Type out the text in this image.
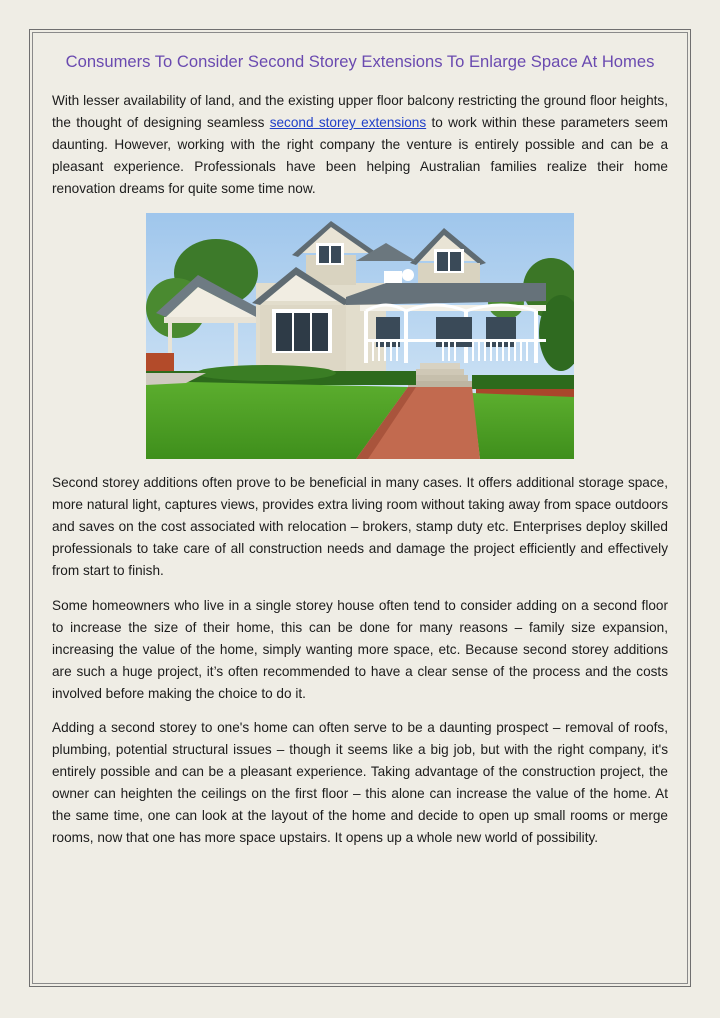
Consumers To Consider Second Storey Extensions To Enlarge Space At Homes

With lesser availability of land, and the existing upper floor balcony restricting the ground floor heights, the thought of designing seamless second storey extensions to work within these parameters seem daunting. However, working with the right company the venture is entirely possible and can be a pleasant experience. Professionals have been helping Australian families realize their home renovation dreams for quite some time now.

Second storey additions often prove to be beneficial in many cases. It offers additional storage space, more natural light, captures views, provides extra living room without taking away from space outdoors and saves on the cost associated with relocation – brokers, stamp duty etc. Enterprises deploy skilled professionals to take care of all construction needs and damage the project efficiently and effectively from start to finish.

Some homeowners who live in a single storey house often tend to consider adding on a second floor to increase the size of their home, this can be done for many reasons – family size expansion, increasing the value of the home, simply wanting more space, etc. Because second storey additions are such a huge project, it’s often recommended to have a clear sense of the process and the costs involved before making the choice to do it.

Adding a second storey to one's home can often serve to be a daunting prospect – removal of roofs, plumbing, potential structural issues – though it seems like a big job, but with the right company, it's entirely possible and can be a pleasant experience. Taking advantage of the construction project, the owner can heighten the ceilings on the first floor – this alone can increase the value of the home. At the same time, one can look at the layout of the home and decide to open up small rooms or merge rooms, now that one has more space upstairs. It opens up a whole new world of possibility.
